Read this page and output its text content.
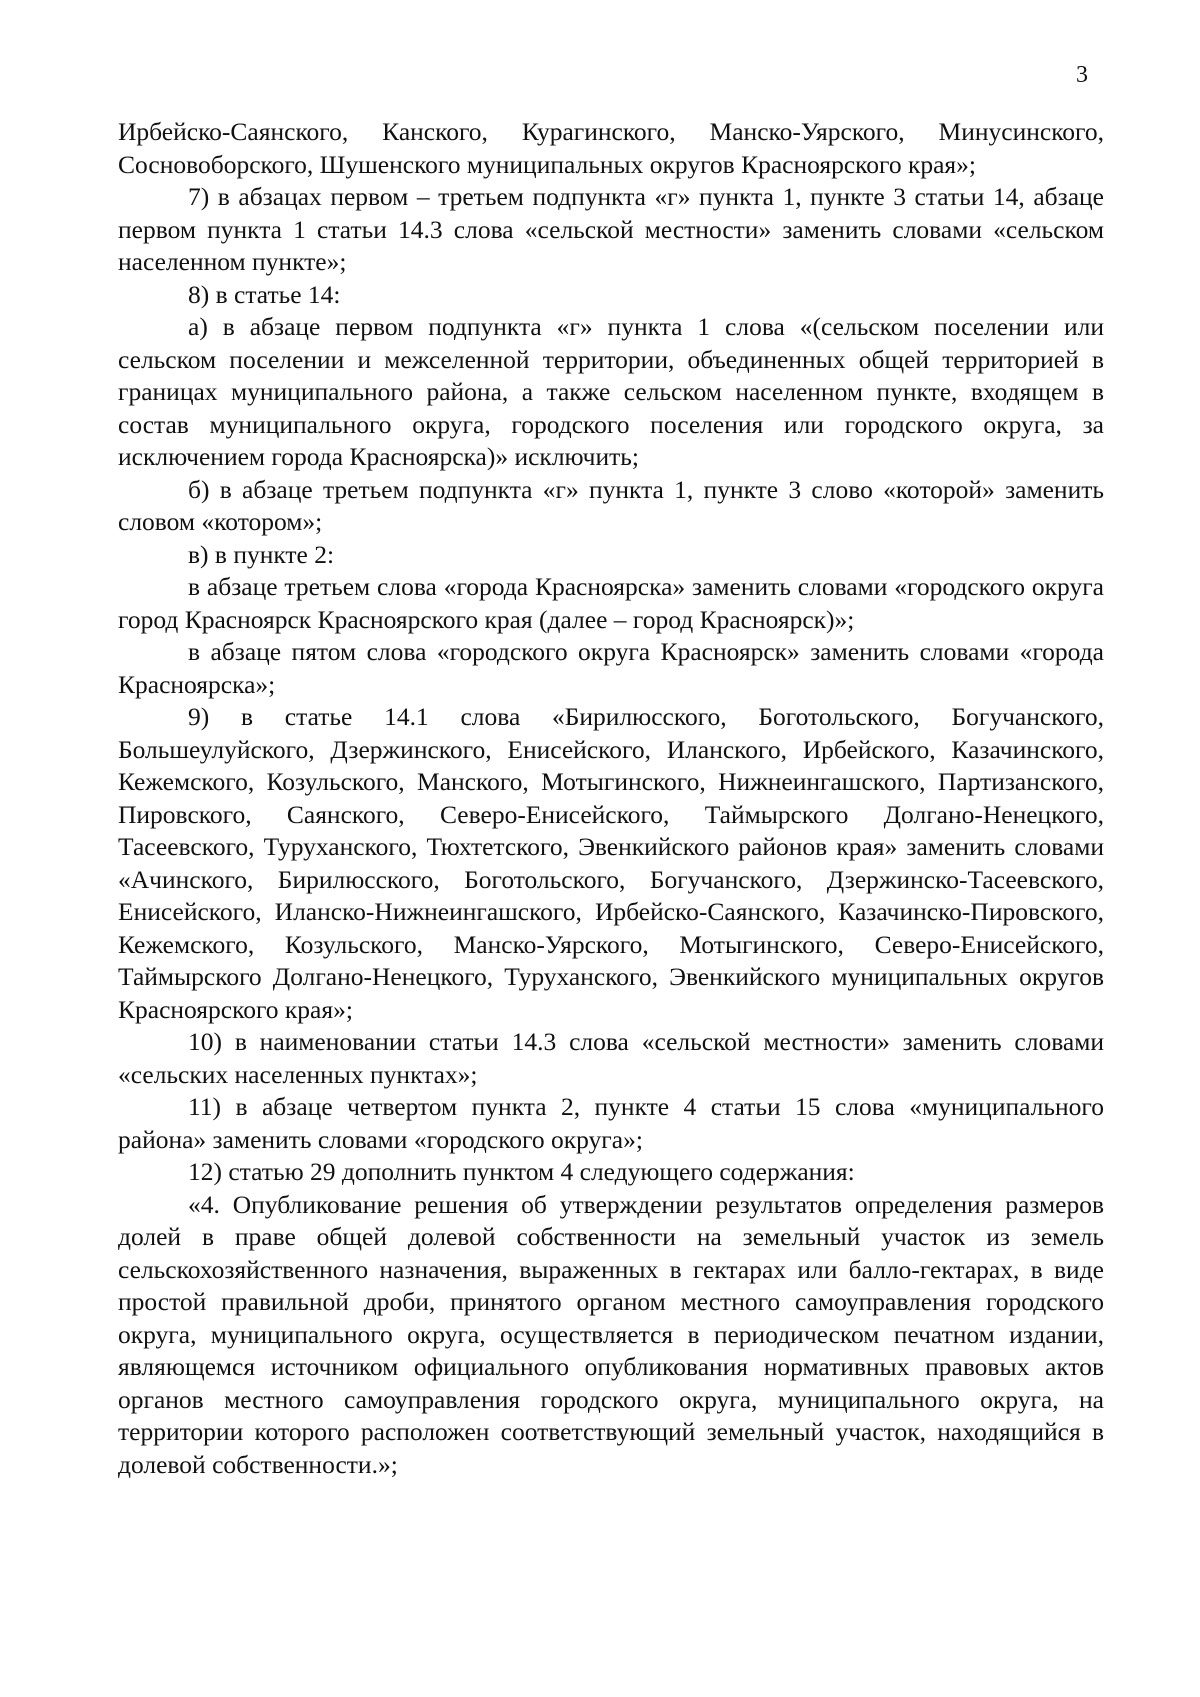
3

Ирбейско-Саянского, Канского, Курагинского, Манско-Уярского, Минусинского, Сосновоборского, Шушенского муниципальных округов Красноярского края»;

7) в абзацах первом – третьем подпункта «г» пункта 1, пункте 3 статьи 14, абзаце первом пункта 1 статьи 14.3 слова «сельской местности» заменить словами «сельском населенном пункте»;

8) в статье 14:

а) в абзаце первом подпункта «г» пункта 1 слова «(сельском поселении или сельском поселении и межселенной территории, объединенных общей территорией в границах муниципального района, а также сельском населенном пункте, входящем в состав муниципального округа, городского поселения или городского округа, за исключением города Красноярска)» исключить;

б) в абзаце третьем подпункта «г» пункта 1, пункте 3 слово «которой» заменить словом «котором»;

в) в пункте 2:

в абзаце третьем слова «города Красноярска» заменить словами «городского округа город Красноярск Красноярского края (далее – город Красноярск)»;

в абзаце пятом слова «городского округа Красноярск» заменить словами «города Красноярска»;

9) в статье 14.1 слова «Бирилюсского, Боготольского, Богучанского, Большеулуйского, Дзержинского, Енисейского, Иланского, Ирбейского, Казачинского, Кежемского, Козульского, Манского, Мотыгинского, Нижнеингашского, Партизанского, Пировского, Саянского, Северо-Енисейского, Таймырского Долгано-Ненецкого, Тасеевского, Туруханского, Тюхтетского, Эвенкийского районов края» заменить словами «Ачинского, Бирилюсского, Боготольского, Богучанского, Дзержинско-Тасеевского, Енисейского, Иланско-Нижнеингашского, Ирбейско-Саянского, Казачинско-Пировского, Кежемского, Козульского, Манско-Уярского, Мотыгинского, Северо-Енисейского, Таймырского Долгано-Ненецкого, Туруханского, Эвенкийского муниципальных округов Красноярского края»;

10) в наименовании статьи 14.3 слова «сельской местности» заменить словами «сельских населенных пунктах»;

11) в абзаце четвертом пункта 2, пункте 4 статьи 15 слова «муниципального района» заменить словами «городского округа»;

12) статью 29 дополнить пунктом 4 следующего содержания:

«4. Опубликование решения об утверждении результатов определения размеров долей в праве общей долевой собственности на земельный участок из земель сельскохозяйственного назначения, выраженных в гектарах или балло-гектарах, в виде простой правильной дроби, принятого органом местного самоуправления городского округа, муниципального округа, осуществляется в периодическом печатном издании, являющемся источником официального опубликования нормативных правовых актов органов местного самоуправления городского округа, муниципального округа, на территории которого расположен соответствующий земельный участок, находящийся в долевой собственности.»;
